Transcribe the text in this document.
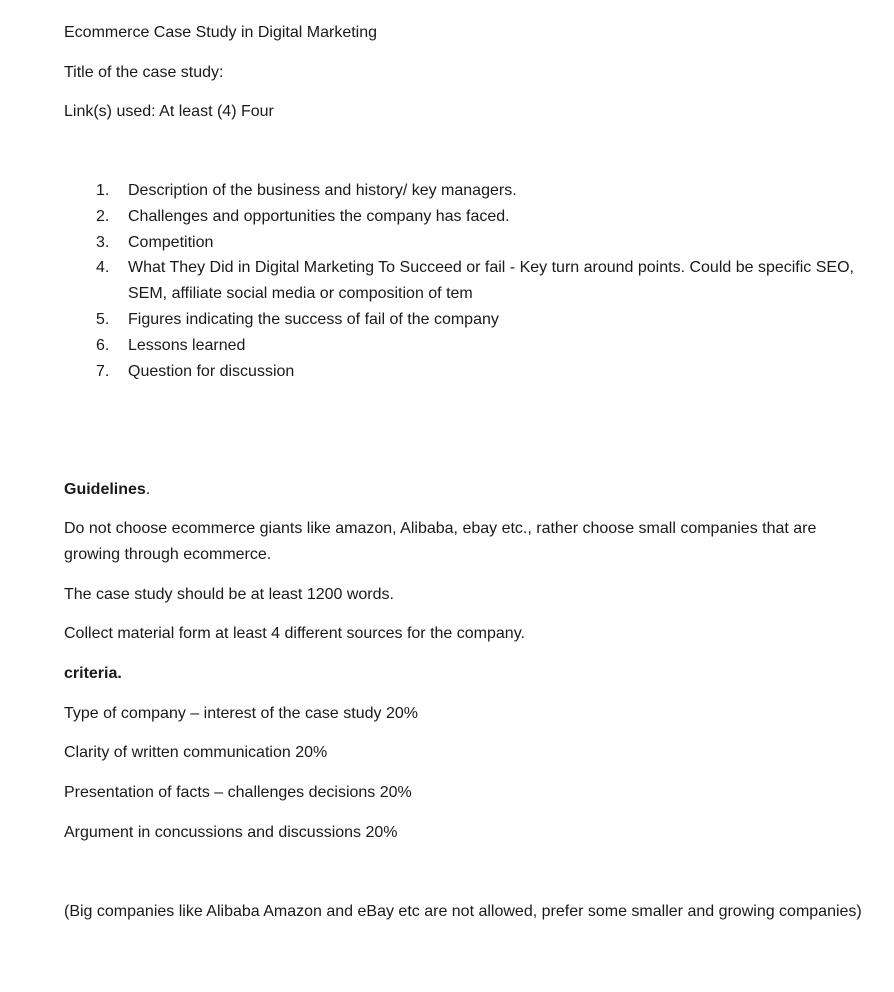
Ecommerce Case Study in Digital Marketing

Title of the case study:

Link(s) used: At least (4) Four

1.	Description of the business and history/ key managers.
2.	Challenges and opportunities the company has faced.
3.	Competition
4.	What They Did in Digital Marketing To Succeed or fail - Key turn around points. Could be specific SEO, SEM, affiliate social media or composition of tem
5.	Figures indicating the success of fail of the company
6.	Lessons learned
7.	Question for discussion

Guidelines.

Do not choose ecommerce giants like amazon, Alibaba, ebay etc., rather choose small companies that are growing through ecommerce.

The case study should be at least 1200 words.

Collect material form at least 4 different sources for the company.

criteria.

Type of company – interest of the case study 20%

Clarity of written communication 20%

Presentation of facts – challenges decisions 20%

Argument in concussions and discussions 20%

(Big companies like Alibaba Amazon and eBay etc are not allowed, prefer some smaller and growing companies)
